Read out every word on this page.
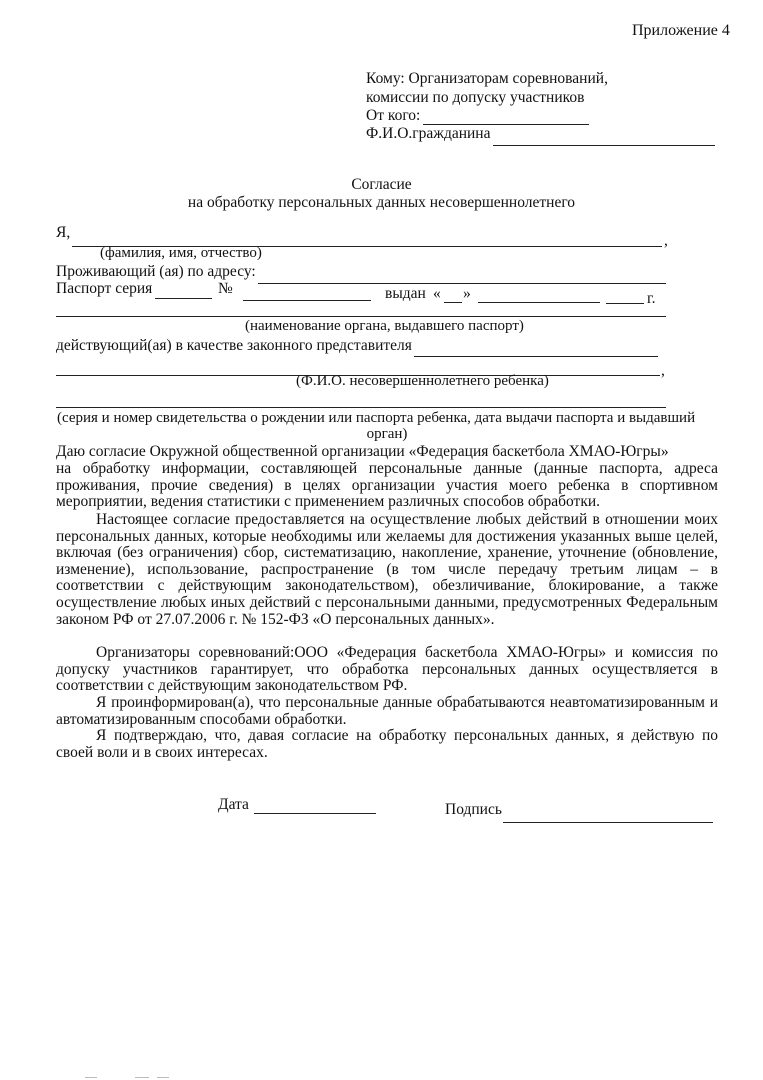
Приложение 4
Кому: Организаторам соревнований,
комиссии по допуску участников
От кого:
Ф.И.О.гражданина
Согласие
на обработку персональных данных несовершеннолетнего
Я,	,
(фамилия, имя, отчество)
Проживающий (ая) по адресу:
Паспорт серия	№	выдан « »	г.
(наименование органа, выдавшего паспорт)
действующий(ая) в качестве законного представителя
,
(Ф.И.О. несовершеннолетнего ребенка)
(серия и номер свидетельства о рождении или паспорта ребенка, дата выдачи паспорта и выдавший
орган)
Даю согласие Окружной общественной организации «Федерация баскетбола ХМАО-Югры»
на обработку информации, составляющей персональные данные (данные паспорта, адреса проживания, прочие сведения) в целях организации участия моего ребенка в спортивном мероприятии, ведения статистики с применением различных способов обработки.
Настоящее согласие предоставляется на осуществление любых действий в отношении моих персональных данных, которые необходимы или желаемы для достижения указанных выше целей, включая (без ограничения) сбор, систематизацию, накопление, хранение, уточнение (обновление, изменение), использование, распространение (в том числе передачу третьим лицам – в соответствии с действующим законодательством), обезличивание, блокирование, а также осуществление любых иных действий с персональными данными, предусмотренных Федеральным законом РФ от 27.07.2006 г. № 152-ФЗ «О персональных данных».
Организаторы соревнований:ООО «Федерация баскетбола ХМАО-Югры» и комиссия по допуску участников гарантирует, что обработка персональных данных осуществляется в соответствии с действующим законодательством РФ.
Я проинформирован(а), что персональные данные обрабатываются неавтоматизированным и автоматизированным способами обработки.
Я подтверждаю, что, давая согласие на обработку персональных данных, я действую по своей воли и в своих интересах.
Дата	Подпись
